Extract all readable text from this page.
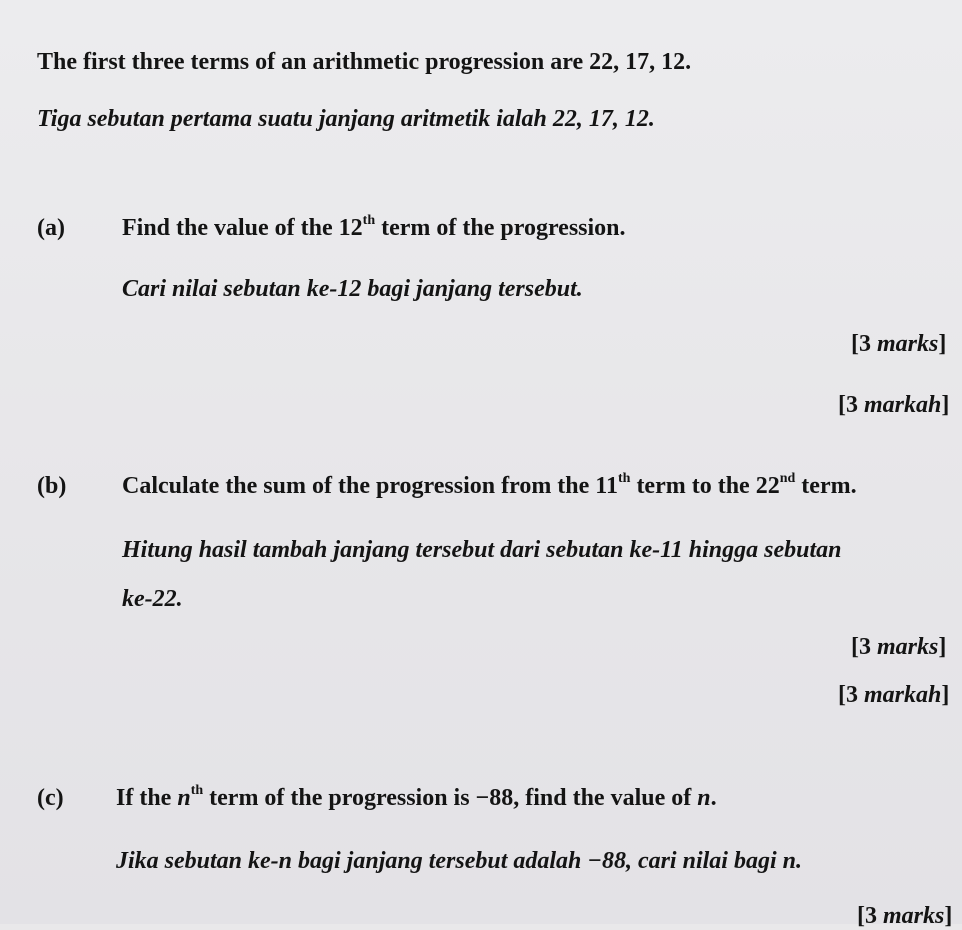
The first three terms of an arithmetic progression are 22, 17, 12.
Tiga sebutan pertama suatu janjang aritmetik ialah 22, 17, 12.
(a) Find the value of the 12th term of the progression.
Cari nilai sebutan ke-12 bagi janjang tersebut.
[3 marks]
[3 markah]
(b) Calculate the sum of the progression from the 11th term to the 22nd term.
Hitung hasil tambah janjang tersebut dari sebutan ke-11 hingga sebutan
ke-22.
[3 marks]
[3 markah]
(c) If the $n^{th}$ term of the progression is −88, find the value of n.
Jika sebutan ke-n bagi janjang tersebut adalah −88, cari nilai bagi n.
[3 marks]
